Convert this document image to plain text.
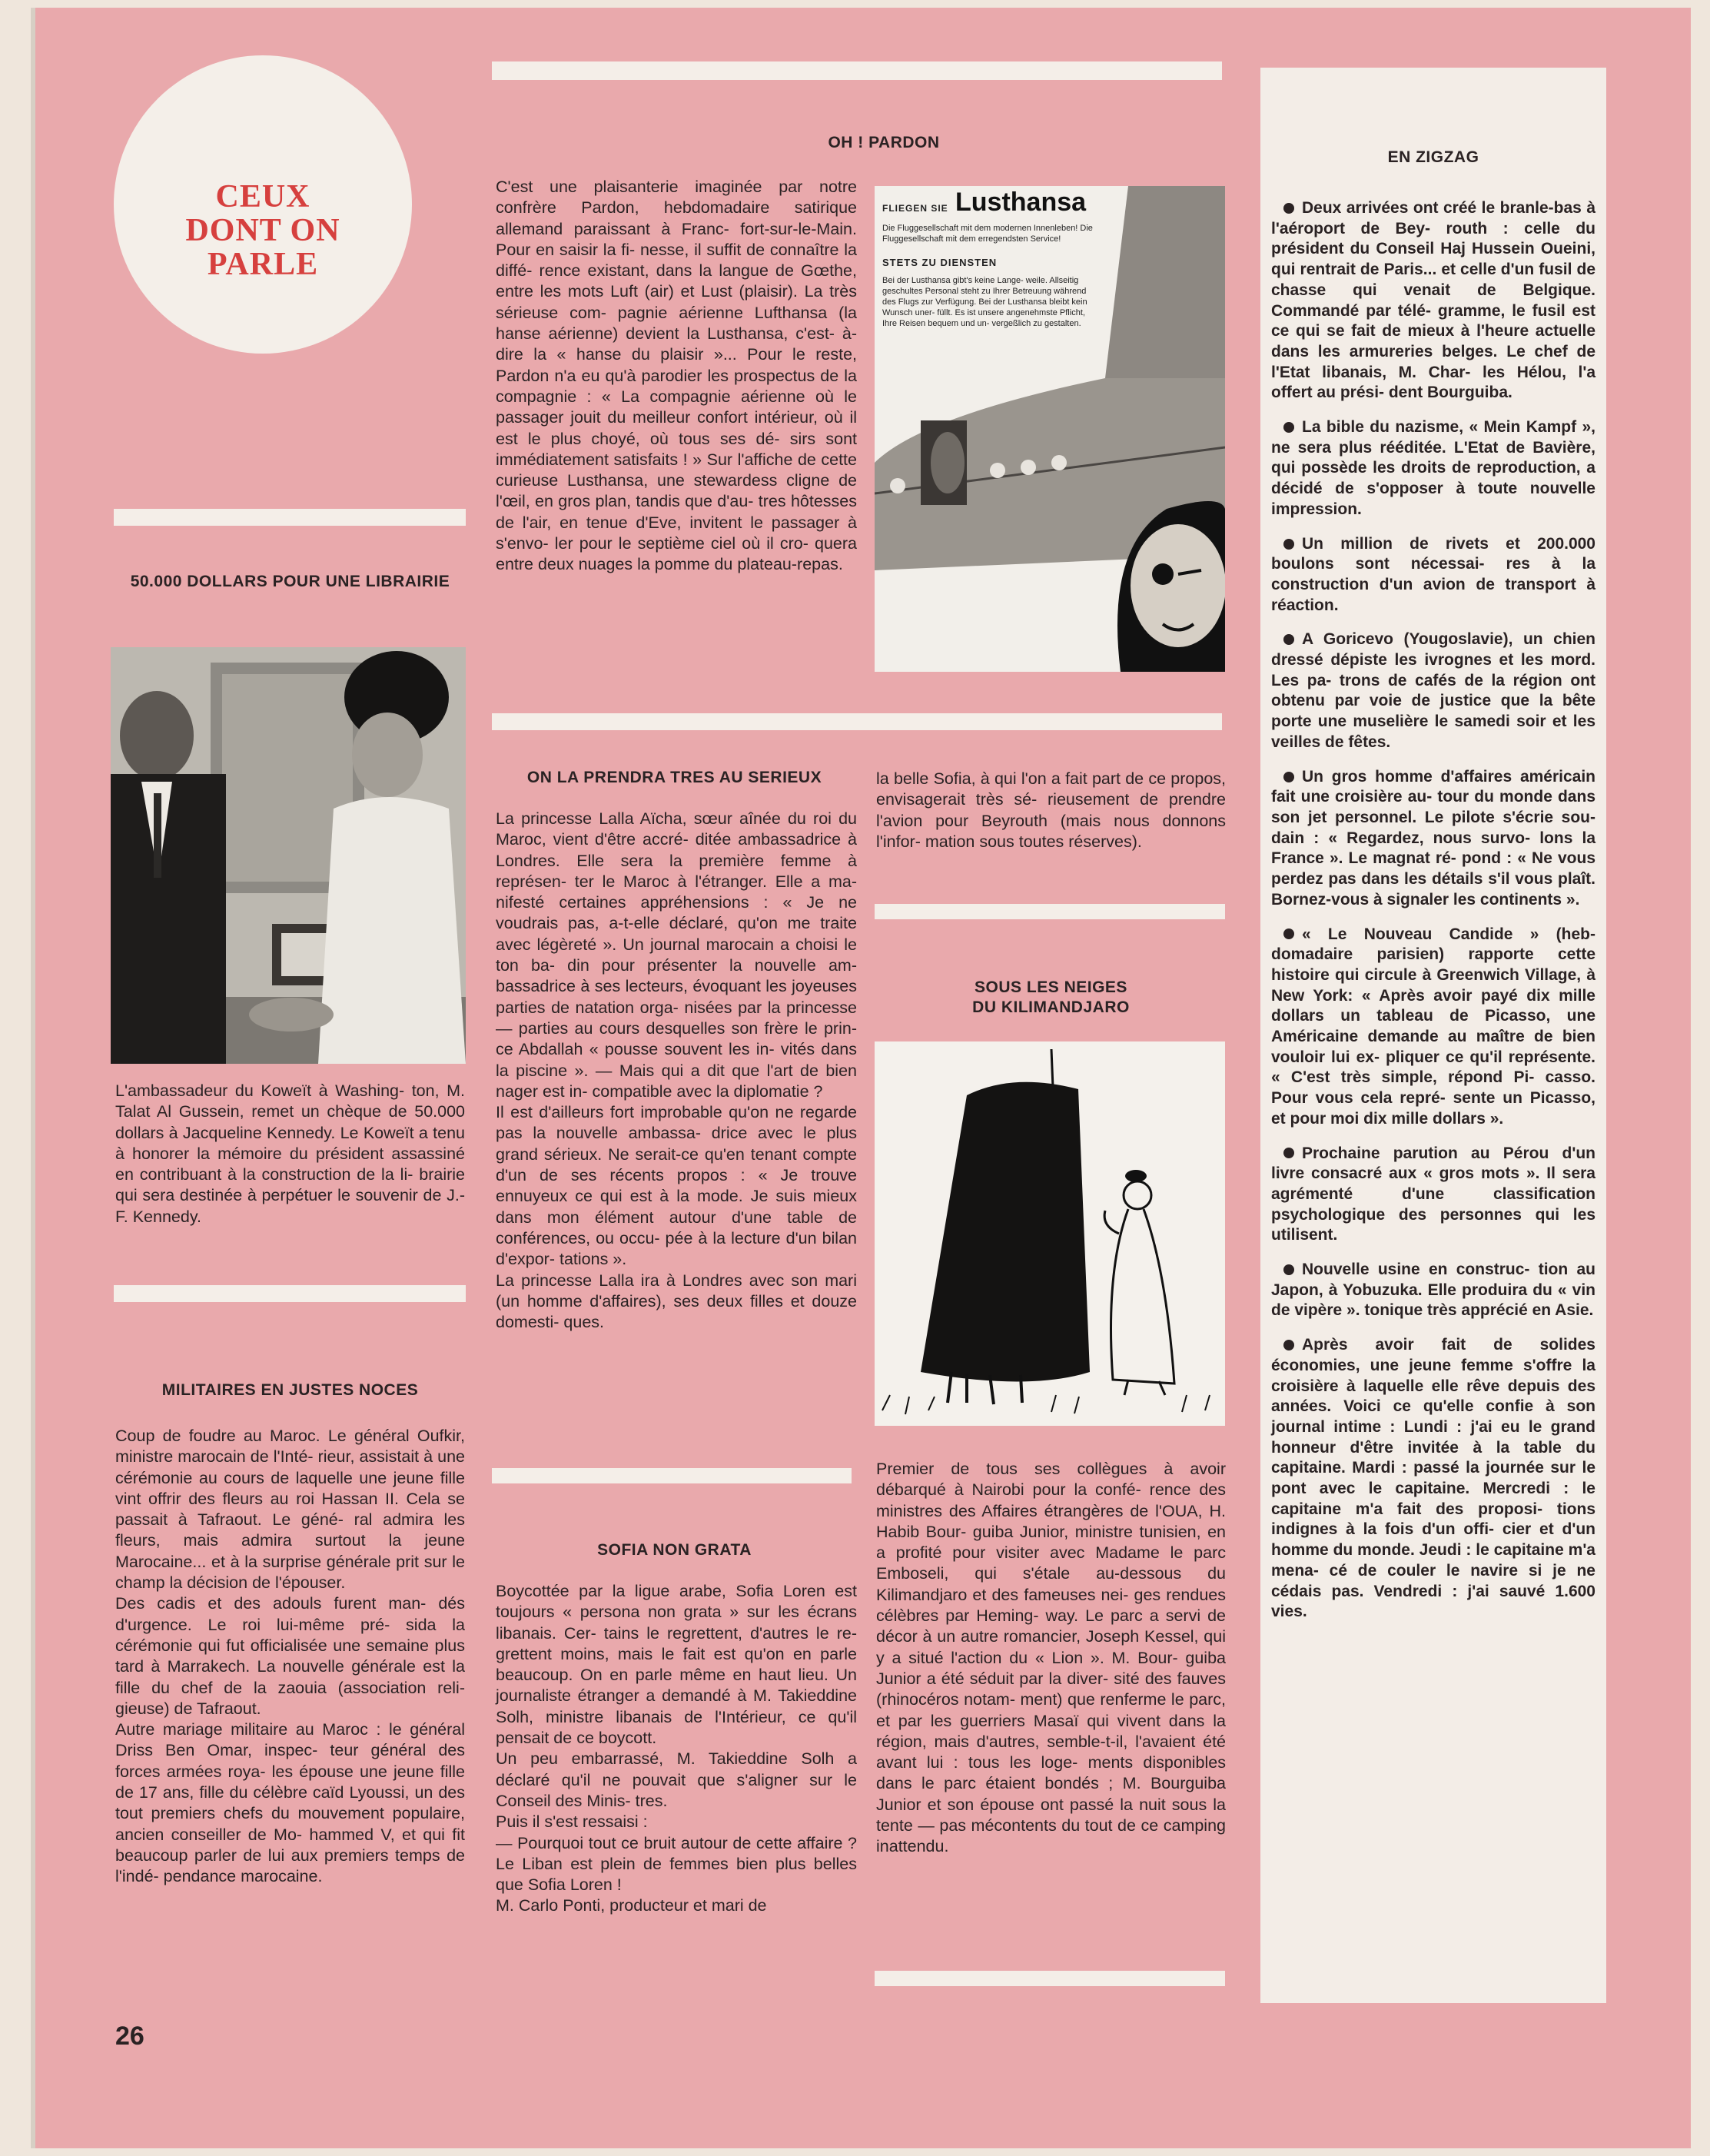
CEUX
DONT ON
PARLE
50.000 DOLLARS POUR UNE LIBRAIRIE

L'ambassadeur du Koweït à Washing- ton, M. Talat Al Gussein, remet un chèque de 50.000 dollars à Jacqueline Kennedy. Le Koweït a tenu à honorer la mémoire du président assassiné en contribuant à la construction de la li- brairie qui sera destinée à perpétuer le souvenir de J.-F. Kennedy.

MILITAIRES EN JUSTES NOCES

Coup de foudre au Maroc. Le général Oufkir, ministre marocain de l'Inté- rieur, assistait à une cérémonie au cours de laquelle une jeune fille vint offrir des fleurs au roi Hassan II. Cela se passait à Tafraout. Le géné- ral admira les fleurs, mais admira surtout la jeune Marocaine... et à la surprise générale prit sur le champ la décision de l'épouser.

Des cadis et des adouls furent man- dés d'urgence. Le roi lui-même pré- sida la cérémonie qui fut officialisée une semaine plus tard à Marrakech. La nouvelle générale est la fille du chef de la zaouia (association reli- gieuse) de Tafraout.

Autre mariage militaire au Maroc : le général Driss Ben Omar, inspec- teur général des forces armées roya- les épouse une jeune fille de 17 ans, fille du célèbre caïd Lyoussi, un des tout premiers chefs du mouvement populaire, ancien conseiller de Mo- hammed V, et qui fit beaucoup parler de lui aux premiers temps de l'indé- pendance marocaine.

OH ! PARDON

C'est une plaisanterie imaginée par notre confrère Pardon, hebdomadaire satirique allemand paraissant à Franc- fort-sur-le-Main. Pour en saisir la fi- nesse, il suffit de connaître la diffé- rence existant, dans la langue de Gœthe, entre les mots Luft (air) et Lust (plaisir). La très sérieuse com- pagnie aérienne Lufthansa (la hanse aérienne) devient la Lusthansa, c'est- à-dire la « hanse du plaisir »... Pour le reste, Pardon n'a eu qu'à parodier les prospectus de la compagnie : « La compagnie aérienne où le passager jouit du meilleur confort intérieur, où il est le plus choyé, où tous ses dé- sirs sont immédiatement satisfaits ! » Sur l'affiche de cette curieuse Lusthansa, une stewardess cligne de l'œil, en gros plan, tandis que d'au- tres hôtesses de l'air, en tenue d'Eve, invitent le passager à s'envo- ler pour le septième ciel où il cro- quera entre deux nuages la pomme du plateau-repas.

FLIEGEN SIE Lusthansa
Die Fluggesellschaft mit dem modernen Innenleben! Die Fluggesellschaft mit dem erregendsten Service!
STETS ZU DIENSTEN
Bei der Lusthansa gibt's keine Lange- weile. Allseitig geschultes Personal steht zu Ihrer Betreuung während des Flugs zur Verfügung. Bei der Lusthansa bleibt kein Wunsch uner- füllt. Es ist unsere angenehmste Pflicht, Ihre Reisen bequem und un- vergeßlich zu gestalten.
ON LA PRENDRA TRES AU SERIEUX

La princesse Lalla Aïcha, sœur aînée du roi du Maroc, vient d'être accré- ditée ambassadrice à Londres. Elle sera la première femme à représen- ter le Maroc à l'étranger. Elle a ma- nifesté certaines appréhensions : « Je ne voudrais pas, a-t-elle déclaré, qu'on me traite avec légèreté ». Un journal marocain a choisi le ton ba- din pour présenter la nouvelle am- bassadrice à ses lecteurs, évoquant les joyeuses parties de natation orga- nisées par la princesse — parties au cours desquelles son frère le prin- ce Abdallah « pousse souvent les in- vités dans la piscine ». — Mais qui a dit que l'art de bien nager est in- compatible avec la diplomatie ?

Il est d'ailleurs fort improbable qu'on ne regarde pas la nouvelle ambassa- drice avec le plus grand sérieux. Ne serait-ce qu'en tenant compte d'un de ses récents propos : « Je trouve ennuyeux ce qui est à la mode. Je suis mieux dans mon élément autour d'une table de conférences, ou occu- pée à la lecture d'un bilan d'expor- tations ».

La princesse Lalla ira à Londres avec son mari (un homme d'affaires), ses deux filles et douze domesti- ques.

SOFIA NON GRATA

Boycottée par la ligue arabe, Sofia Loren est toujours « persona non grata » sur les écrans libanais. Cer- tains le regrettent, d'autres le re- grettent moins, mais le fait est qu'on en parle beaucoup. On en parle même en haut lieu. Un journaliste étranger a demandé à M. Takieddine Solh, ministre libanais de l'Intérieur, ce qu'il pensait de ce boycott.

Un peu embarrassé, M. Takieddine Solh a déclaré qu'il ne pouvait que s'aligner sur le Conseil des Minis- tres.

Puis il s'est ressaisi :

— Pourquoi tout ce bruit autour de cette affaire ? Le Liban est plein de femmes bien plus belles que Sofia Loren !

M. Carlo Ponti, producteur et mari de

la belle Sofia, à qui l'on a fait part de ce propos, envisagerait très sé- rieusement de prendre l'avion pour Beyrouth (mais nous donnons l'infor- mation sous toutes réserves).

SOUS LES NEIGES
DU KILIMANDJARO

Premier de tous ses collègues à avoir débarqué à Nairobi pour la confé- rence des ministres des Affaires étrangères de l'OUA, H. Habib Bour- guiba Junior, ministre tunisien, en a profité pour visiter avec Madame le parc Emboseli, qui s'étale au-dessous du Kilimandjaro et des fameuses nei- ges rendues célèbres par Heming- way. Le parc a servi de décor à un autre romancier, Joseph Kessel, qui y a situé l'action du « Lion ». M. Bour- guiba Junior a été séduit par la diver- sité des fauves (rhinocéros notam- ment) que renferme le parc, et par les guerriers Masaï qui vivent dans la région, mais d'autres, semble-t-il, l'avaient été avant lui : tous les loge- ments disponibles dans le parc étaient bondés ; M. Bourguiba Junior et son épouse ont passé la nuit sous la tente — pas mécontents du tout de ce camping inattendu.

EN ZIGZAG

Deux arrivées ont créé le branle-bas à l'aéroport de Bey- routh : celle du président du Conseil Haj Hussein Oueini, qui rentrait de Paris... et celle d'un fusil de chasse qui venait de Belgique. Commandé par télé- gramme, le fusil est ce qui se fait de mieux à l'heure actuelle dans les armureries belges. Le chef de l'Etat libanais, M. Char- les Hélou, l'a offert au prési- dent Bourguiba.

La bible du nazisme, « Mein Kampf », ne sera plus rééditée. L'Etat de Bavière, qui possède les droits de reproduction, a décidé de s'opposer à toute nouvelle impression.

Un million de rivets et 200.000 boulons sont nécessai- res à la construction d'un avion de transport à réaction.

A Goricevo (Yougoslavie), un chien dressé dépiste les ivrognes et les mord. Les pa- trons de cafés de la région ont obtenu par voie de justice que la bête porte une muselière le samedi soir et les veilles de fêtes.

Un gros homme d'affaires américain fait une croisière au- tour du monde dans son jet personnel. Le pilote s'écrie sou- dain : « Regardez, nous survo- lons la France ». Le magnat ré- pond : « Ne vous perdez pas dans les détails s'il vous plaît. Bornez-vous à signaler les continents ».

« Le Nouveau Candide » (heb- domadaire parisien) rapporte cette histoire qui circule à Greenwich Village, à New York: « Après avoir payé dix mille dollars un tableau de Picasso, une Américaine demande au maître de bien vouloir lui ex- pliquer ce qu'il représente. « C'est très simple, répond Pi- casso. Pour vous cela repré- sente un Picasso, et pour moi dix mille dollars ».

Prochaine parution au Pérou d'un livre consacré aux « gros mots ». Il sera agrémenté d'une classification psychologique des personnes qui les utilisent.

Nouvelle usine en construc- tion au Japon, à Yobuzuka. Elle produira du « vin de vipère ». tonique très apprécié en Asie.

Après avoir fait de solides économies, une jeune femme s'offre la croisière à laquelle elle rêve depuis des années. Voici ce qu'elle confie à son journal intime : Lundi : j'ai eu le grand honneur d'être invitée à la table du capitaine. Mardi : passé la journée sur le pont avec le capitaine. Mercredi : le capitaine m'a fait des proposi- tions indignes à la fois d'un offi- cier et d'un homme du monde. Jeudi : le capitaine m'a mena- cé de couler le navire si je ne cédais pas. Vendredi : j'ai sauvé 1.600 vies.

26
